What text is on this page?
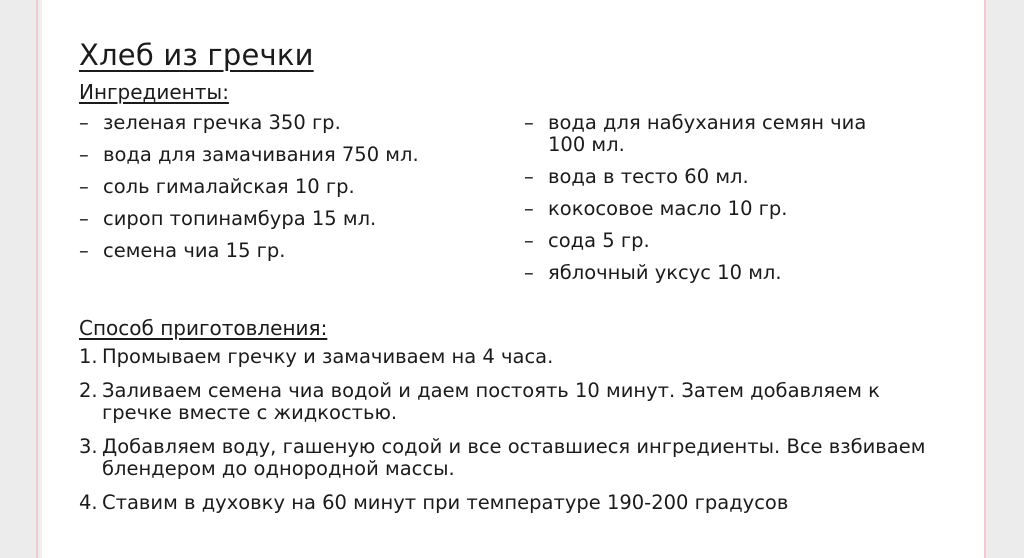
Хлеб из гречки

Ингредиенты:

– зеленая гречка 350 гр.
– вода для замачивания 750 мл.
– соль гималайская 10 гр.
– сироп топинамбура 15 мл.
– семена чиа 15 гр.
– вода для набухания семян чиа 100 мл.
– вода в тесто 60 мл.
– кокосовое масло 10 гр.
– сода 5 гр.
– яблочный уксус 10 мл.

Способ приготовления:

1. Промываем гречку и замачиваем на 4 часа.
2. Заливаем семена чиа водой и даем постоять 10 минут. Затем добавляем к гречке вместе с жидкостью.
3. Добавляем воду, гашеную содой и все оставшиеся ингредиенты. Все взбиваем блендером до однородной массы.
4. Ставим в духовку на 60 минут при температуре 190-200 градусов
